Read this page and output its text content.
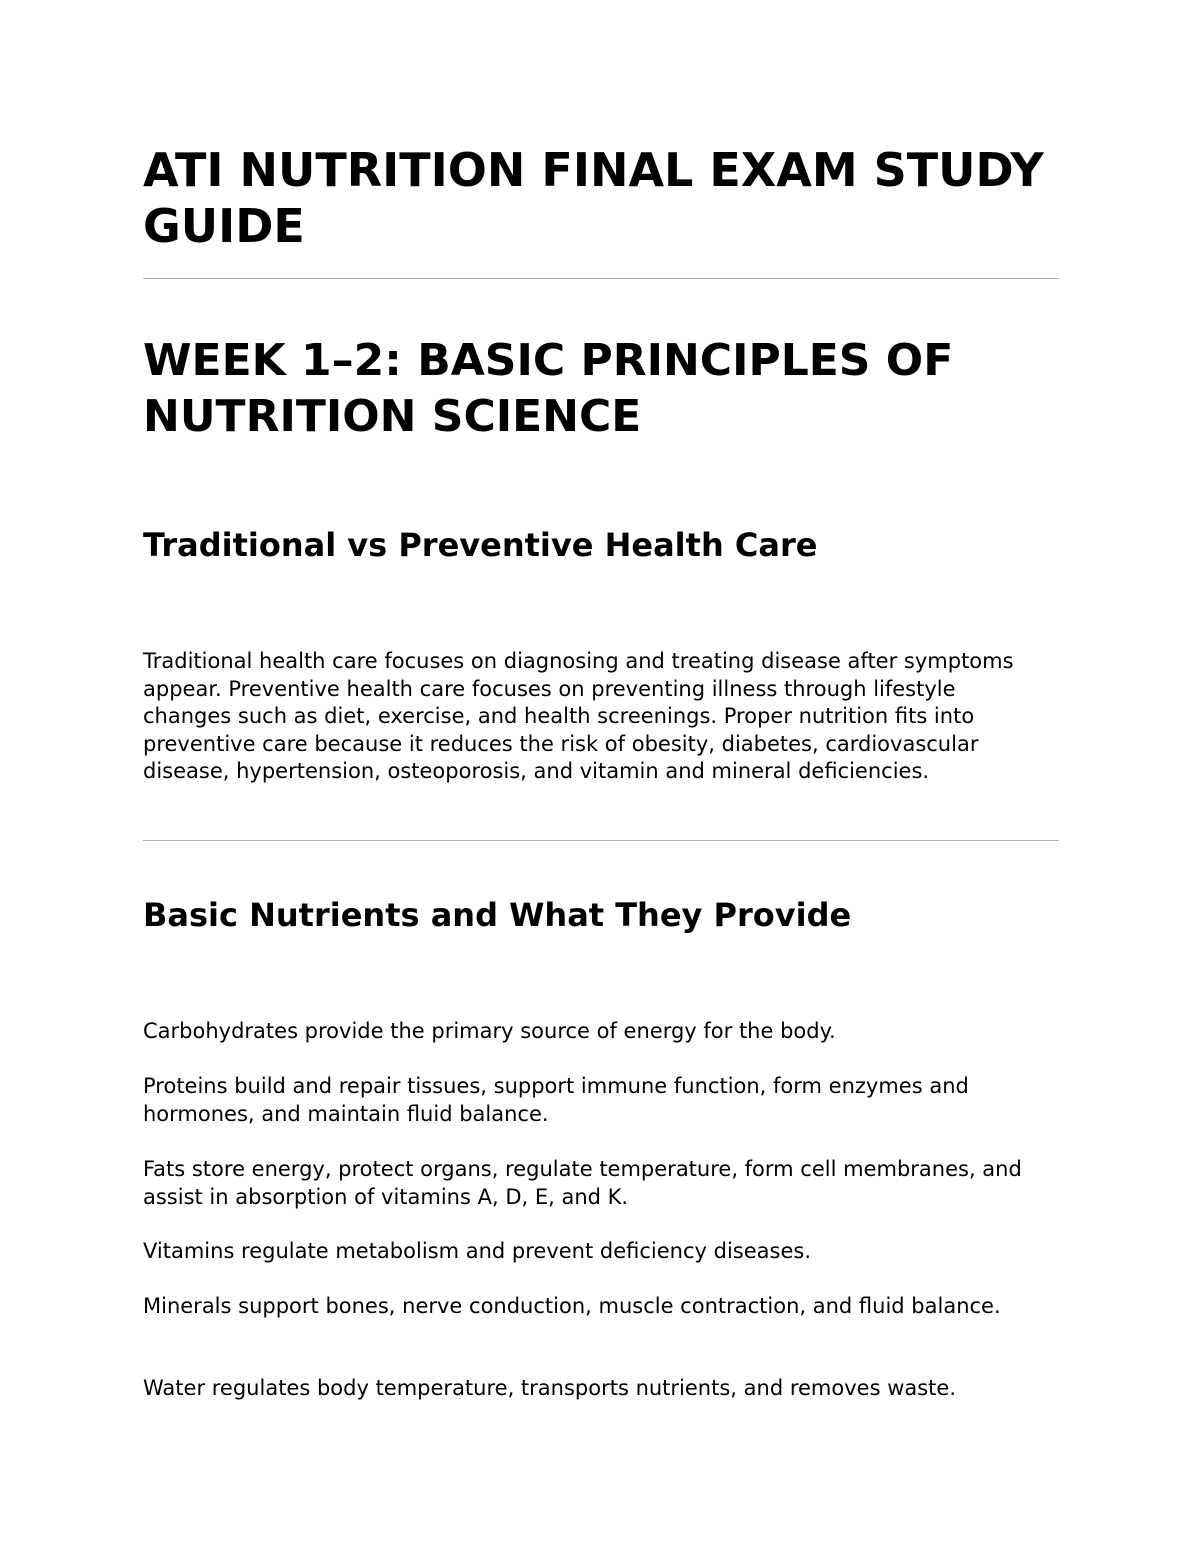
ATI NUTRITION FINAL EXAM STUDY GUIDE
WEEK 1–2: BASIC PRINCIPLES OF NUTRITION SCIENCE
Traditional vs Preventive Health Care

Traditional health care focuses on diagnosing and treating disease after symptoms appear. Preventive health care focuses on preventing illness through lifestyle changes such as diet, exercise, and health screenings. Proper nutrition fits into preventive care because it reduces the risk of obesity, diabetes, cardiovascular disease, hypertension, osteoporosis, and vitamin and mineral deficiencies.

Basic Nutrients and What They Provide

Carbohydrates provide the primary source of energy for the body.

Proteins build and repair tissues, support immune function, form enzymes and hormones, and maintain fluid balance.

Fats store energy, protect organs, regulate temperature, form cell membranes, and assist in absorption of vitamins A, D, E, and K.

Vitamins regulate metabolism and prevent deficiency diseases.

Minerals support bones, nerve conduction, muscle contraction, and fluid balance.

Water regulates body temperature, transports nutrients, and removes waste.
